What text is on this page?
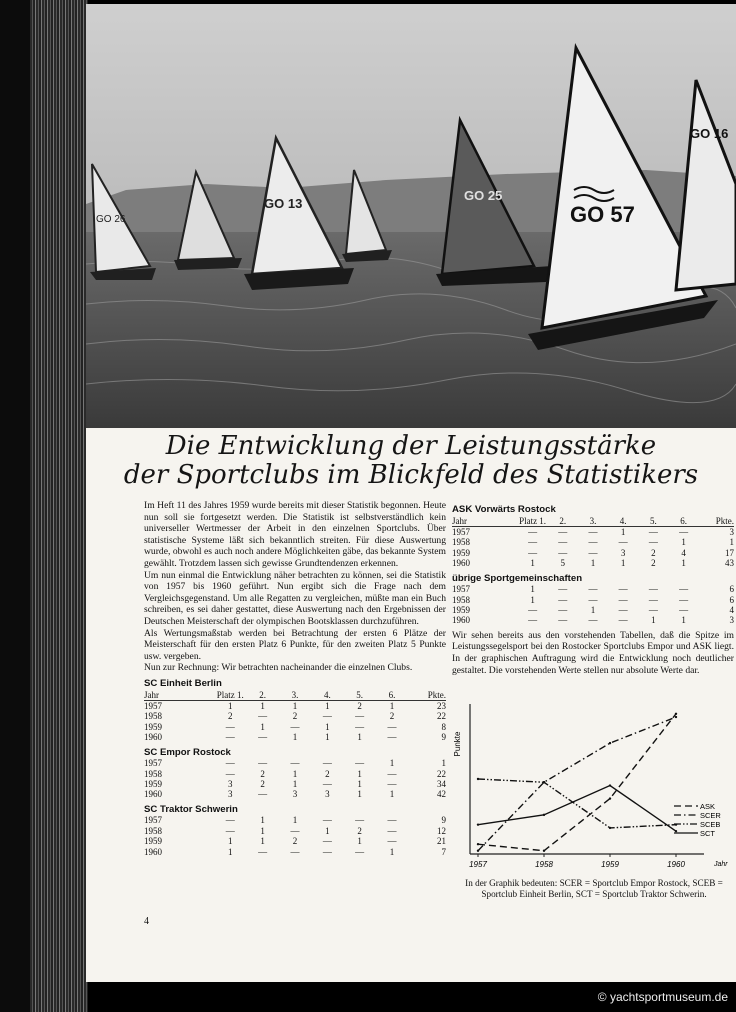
GO 26
GO 13
GO 25
GO 57
GO 16
Die Entwicklung der Leistungsstärke
der Sportclubs im Blickfeld des Statistikers

Im Heft 11 des Jahres 1959 wurde bereits mit dieser Statistik begonnen. Heute nun soll sie fortgesetzt werden. Die Statistik ist selbstverständlich kein universeller Wertmesser der Arbeit in den einzelnen Sportclubs. Über statistische Systeme läßt sich bekanntlich streiten. Für diese Auswertung wurde, obwohl es auch noch andere Möglichkeiten gäbe, das bekannte System gewählt. Trotzdem lassen sich gewisse Grundtendenzen erkennen.

Um nun einmal die Entwicklung näher betrachten zu können, sei die Statistik von 1957 bis 1960 geführt. Nun ergibt sich die Frage nach dem Vergleichsgegenstand. Um alle Regatten zu vergleichen, müßte man ein Buch schreiben, es sei daher gestattet, diese Auswertung nach den Ergebnissen der Deutschen Meisterschaft der olympischen Bootsklassen durchzuführen.

Als Wertungsmaßstab werden bei Betrachtung der ersten 6 Plätze der Meisterschaft für den ersten Platz 6 Punkte, für den zweiten Platz 5 Punkte usw. vergeben.

Nun zur Rechnung: Wir betrachten nacheinander die einzelnen Clubs.

SC Einheit Berlin
Jahr	Platz 1.	2.	3.	4.	5.	6.	Pkte.
1957	1	1	1	1	2	1	23
1958	2	—	2	—	—	2	22
1959	—	1	—	1	—	—	8
1960	—	—	1	1	1	—	9
SC Empor Rostock
1957	—	—	—	—	—	1	1
1958	—	2	1	2	1	—	22
1959	3	2	1	—	1	—	34
1960	3	—	3	3	1	1	42
SC Traktor Schwerin
1957	—	1	1	—	—	—	9
1958	—	1	—	1	2	—	12
1959	1	1	2	—	1	—	21
1960	1	—	—	—	—	1	7
ASK Vorwärts Rostock
Jahr	Platz 1.	2.	3.	4.	5.	6.	Pkte.
1957	—	—	—	1	—	—	3
1958	—	—	—	—	—	1	1
1959	—	—	—	3	2	4	17
1960	1	5	1	1	2	1	43
übrige Sportgemeinschaften
1957	1	—	—	—	—	—	6
1958	1	—	—	—	—	—	6
1959	—	—	1	—	—	—	4
1960	—	—	—	—	1	1	3

Wir sehen bereits aus den vorstehenden Tabellen, daß die Spitze im Leistungssegelsport bei den Rostocker Sportclubs Empor und ASK liegt. In der graphischen Auftragung wird die Entwicklung noch deutlicher gestaltet. Die vorstehenden Werte stellen nur absolute Werte dar.

Punkte
Jahr
1957	1958	1959	1960
ASK
SCER
SCEB
SCT
In der Graphik bedeuten: SCER = Sportclub Empor Rostock, SCEB = Sportclub Einheit Berlin, SCT = Sportclub Traktor Schwerin.
4
© yachtsportmuseum.de
